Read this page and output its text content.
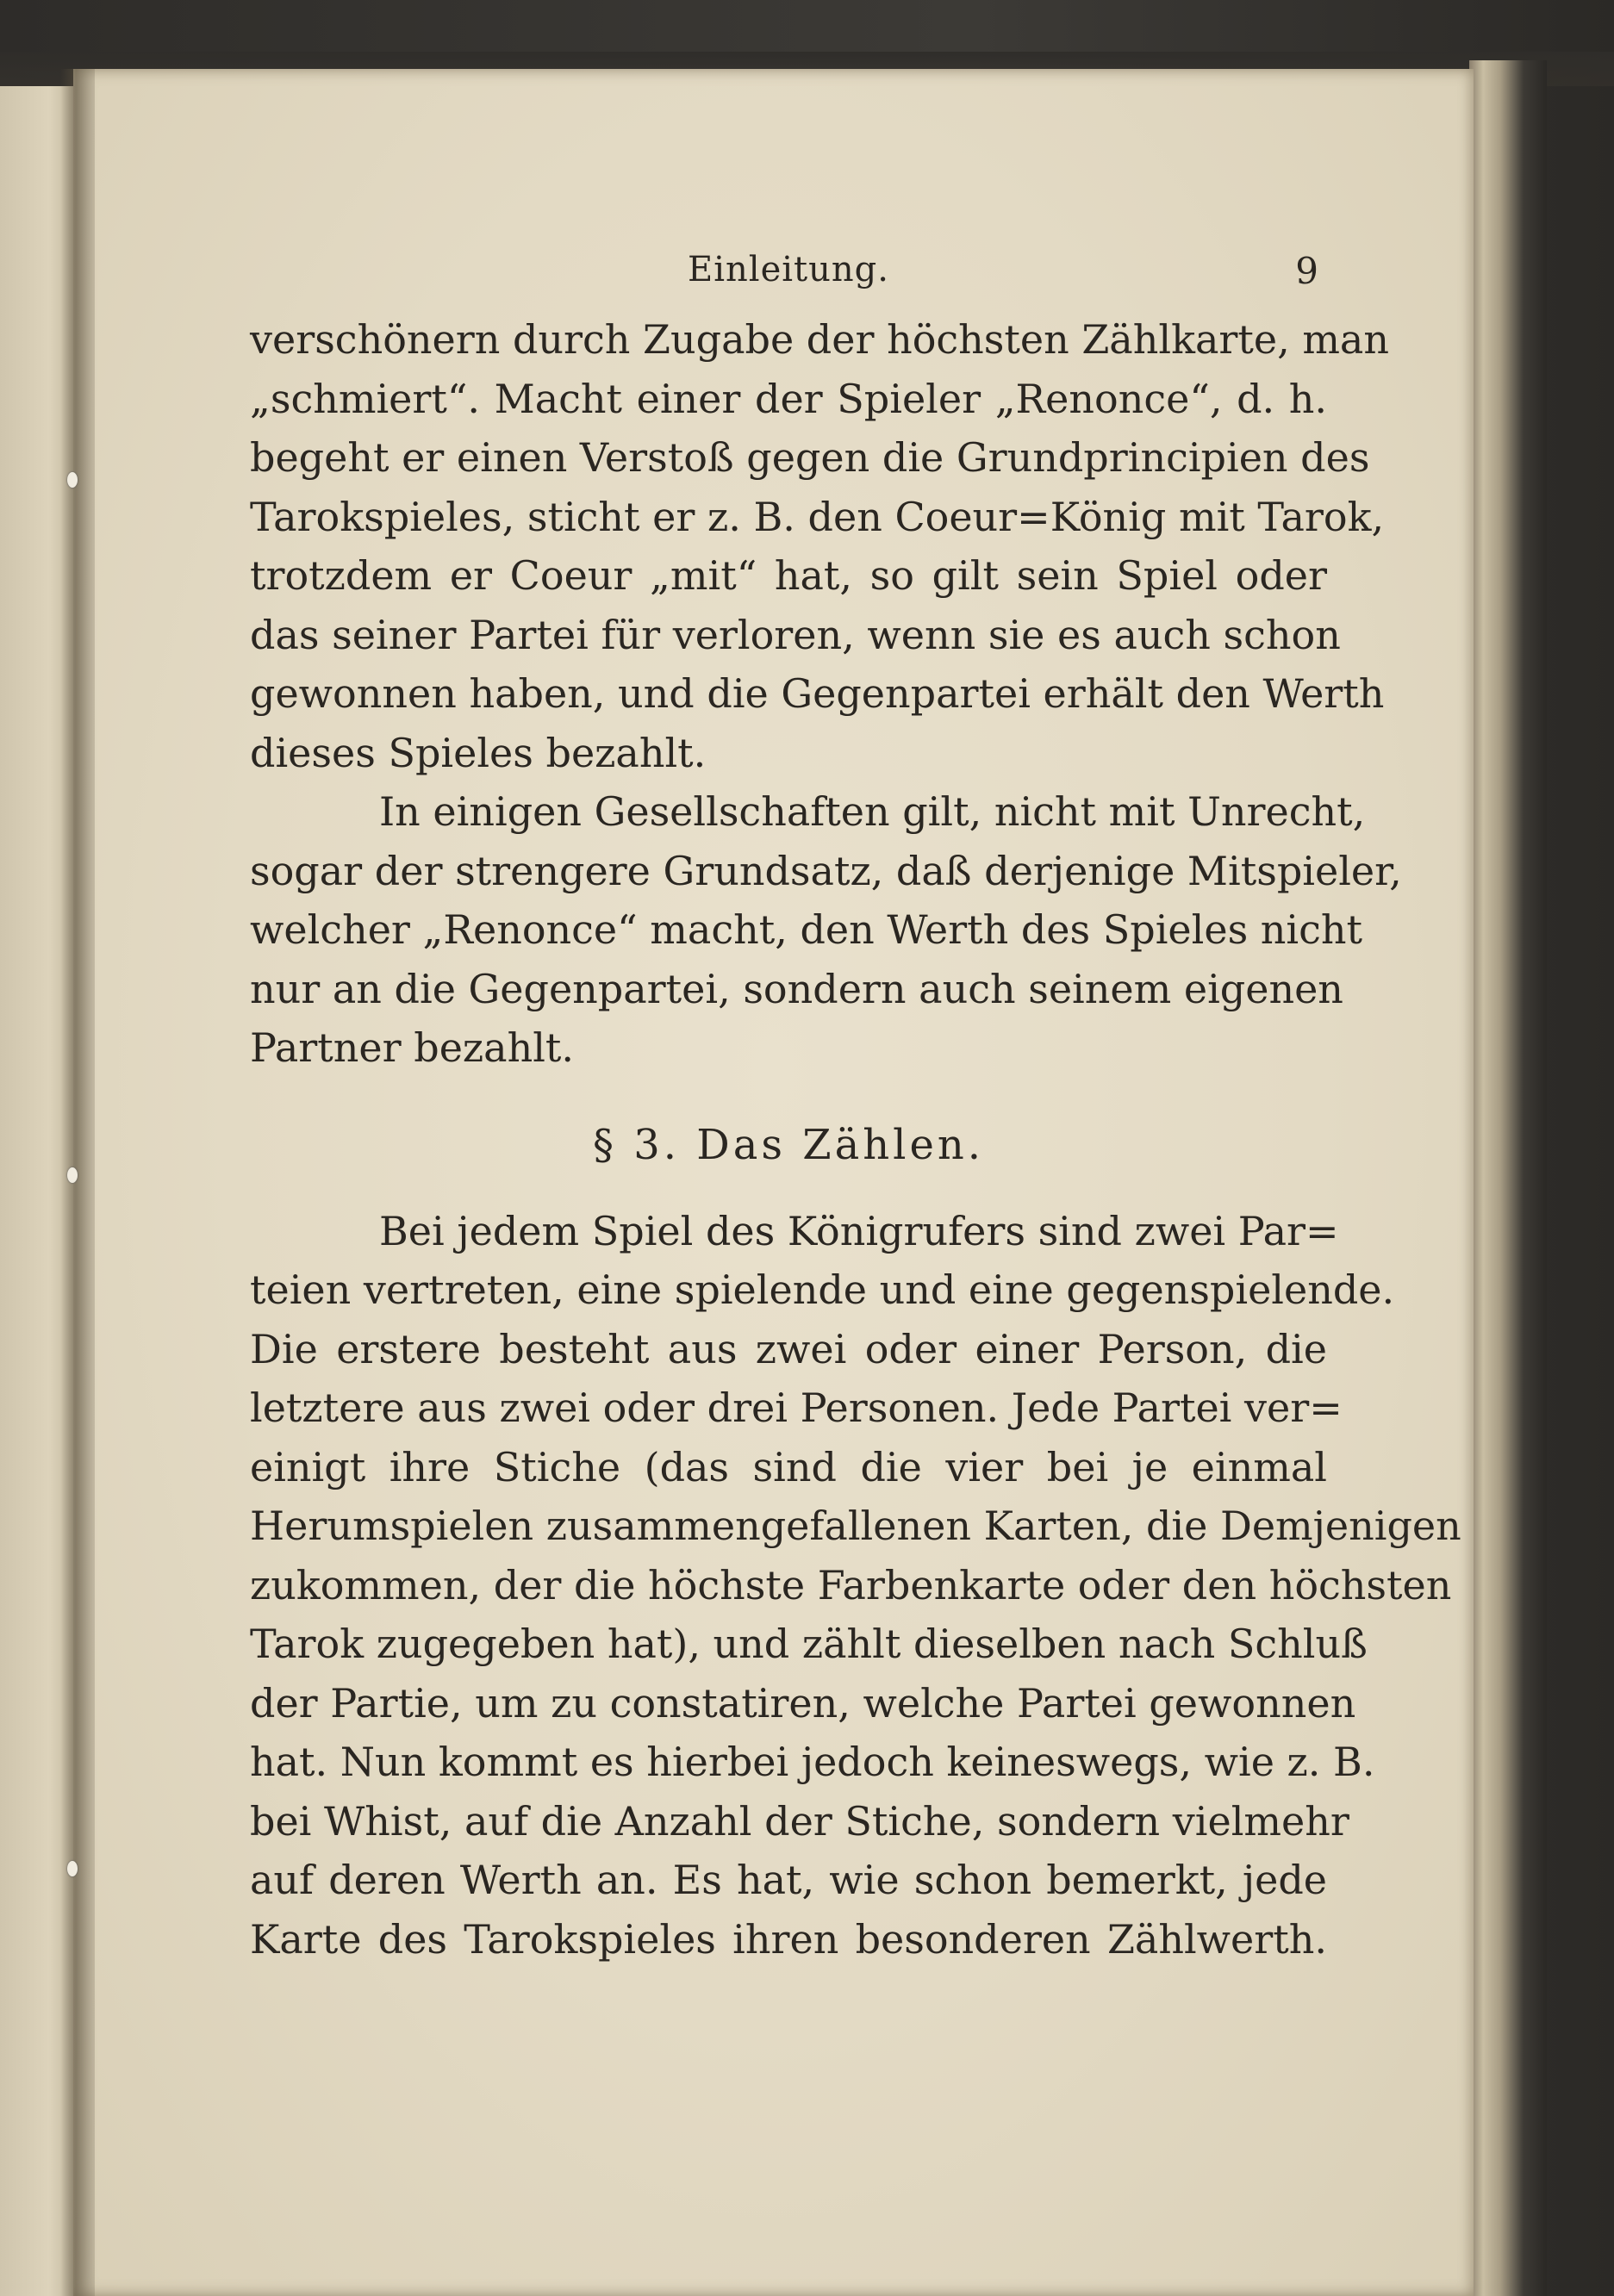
Einleitung.	9

verschönern durch Zugabe der höchsten Zählkarte, man
„schmiert“. Macht einer der Spieler „Renonce“, d. h.
begeht er einen Verstoß gegen die Grundprincipien des
Tarokspieles, sticht er z. B. den Coeur=König mit Tarok,
trotzdem er Coeur „mit“ hat, so gilt sein Spiel oder
das seiner Partei für verloren, wenn sie es auch schon
gewonnen haben, und die Gegenpartei erhält den Werth
dieses Spieles bezahlt.

In einigen Gesellschaften gilt, nicht mit Unrecht,
sogar der strengere Grundsatz, daß derjenige Mitspieler,
welcher „Renonce“ macht, den Werth des Spieles nicht
nur an die Gegenpartei, sondern auch seinem eigenen
Partner bezahlt.

§ 3. Das Zählen.

Bei jedem Spiel des Königrufers sind zwei Par=
teien vertreten, eine spielende und eine gegenspielende.
Die erstere besteht aus zwei oder einer Person, die
letztere aus zwei oder drei Personen. Jede Partei ver=
einigt ihre Stiche (das sind die vier bei je einmal
Herumspielen zusammengefallenen Karten, die Demjenigen
zukommen, der die höchste Farbenkarte oder den höchsten
Tarok zugegeben hat), und zählt dieselben nach Schluß
der Partie, um zu constatiren, welche Partei gewonnen
hat. Nun kommt es hierbei jedoch keineswegs, wie z. B.
bei Whist, auf die Anzahl der Stiche, sondern vielmehr
auf deren Werth an. Es hat, wie schon bemerkt, jede
Karte des Tarokspieles ihren besonderen Zählwerth.
